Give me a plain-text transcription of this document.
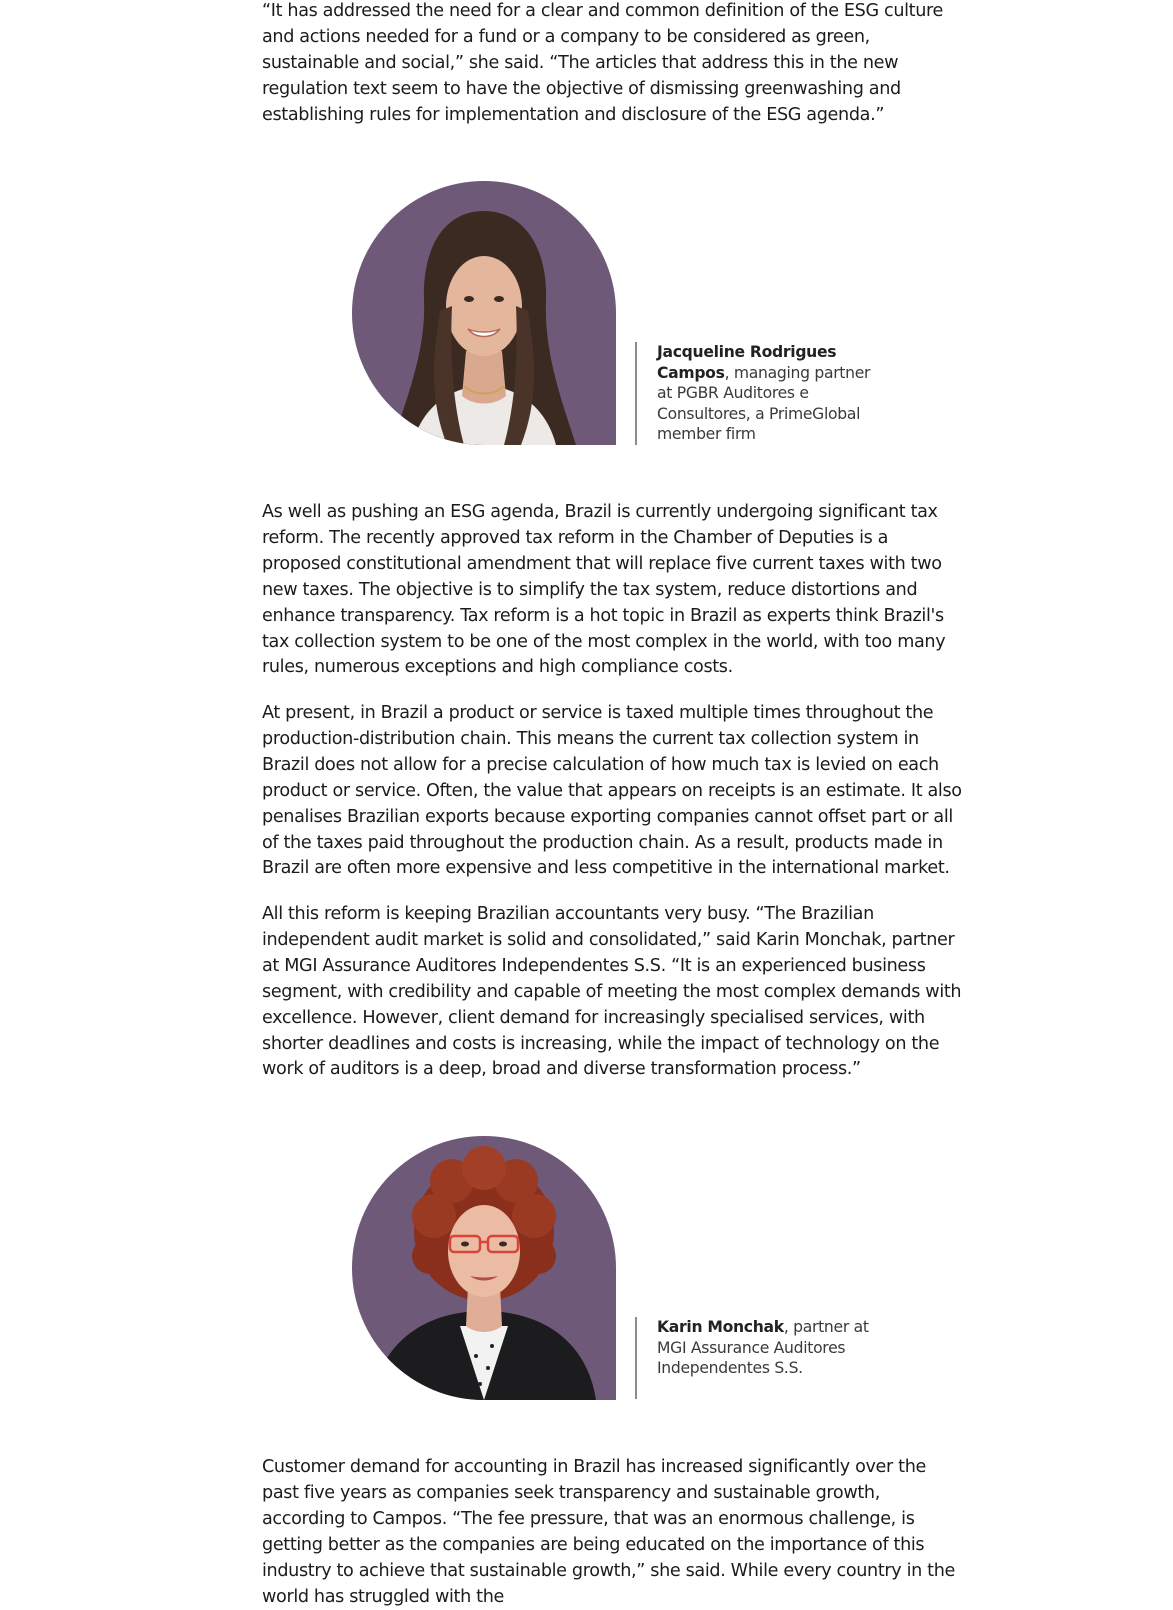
“It has addressed the need for a clear and common definition of the ESG culture and actions needed for a fund or a company to be considered as green, sustainable and social,” she said. “The articles that address this in the new regulation text seem to have the objective of dismissing greenwashing and establishing rules for implementation and disclosure of the ESG agenda.”

Jacqueline Rodrigues Campos, managing partner at PGBR Auditores e Consultores, a PrimeGlobal member firm

As well as pushing an ESG agenda, Brazil is currently undergoing significant tax reform. The recently approved tax reform in the Chamber of Deputies is a proposed constitutional amendment that will replace five current taxes with two new taxes. The objective is to simplify the tax system, reduce distortions and enhance transparency. Tax reform is a hot topic in Brazil as experts think Brazil's tax collection system to be one of the most complex in the world, with too many rules, numerous exceptions and high compliance costs.

At present, in Brazil a product or service is taxed multiple times throughout the production-distribution chain. This means the current tax collection system in Brazil does not allow for a precise calculation of how much tax is levied on each product or service. Often, the value that appears on receipts is an estimate. It also penalises Brazilian exports because exporting companies cannot offset part or all of the taxes paid throughout the production chain. As a result, products made in Brazil are often more expensive and less competitive in the international market.

All this reform is keeping Brazilian accountants very busy. “The Brazilian independent audit market is solid and consolidated,” said Karin Monchak, partner at MGI Assurance Auditores Independentes S.S. “It is an experienced business segment, with credibility and capable of meeting the most complex demands with excellence. However, client demand for increasingly specialised services, with shorter deadlines and costs is increasing, while the impact of technology on the work of auditors is a deep, broad and diverse transformation process.”

Karin Monchak, partner at MGI Assurance Auditores Independentes S.S.

Customer demand for accounting in Brazil has increased significantly over the past five years as companies seek transparency and sustainable growth, according to Campos. “The fee pressure, that was an enormous challenge, is getting better as the companies are being educated on the importance of this industry to achieve that sustainable growth,” she said. While every country in the world has struggled with the
